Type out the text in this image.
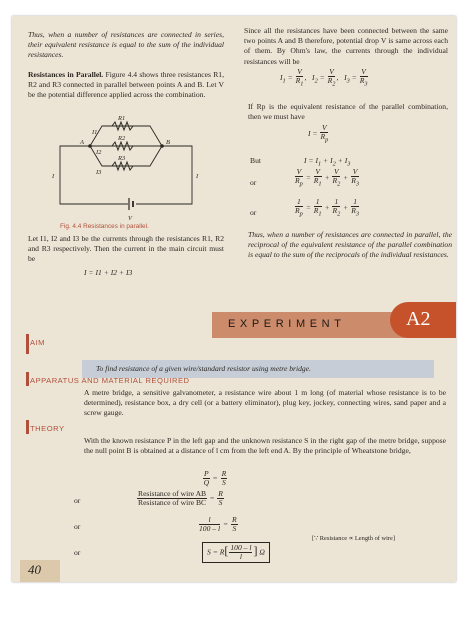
Thus, when a number of resistances are connected in series, their equivalent resistance is equal to the sum of the individual resistances.
Resistances in Parallel. Figure 4.4 shows three resistances R1, R2 and R3 connected in parallel between points A and B. Let V be the potential difference applied across the combination.
A	B
R1
R2
R3
I1
I2
I3
I	I
V
Fig. 4.4 Resistances in parallel.
Let I1, I2 and I3 be the currents through the resistances R1, R2 and R3 respectively. Then the current in the main circuit must be
I = I1 + I2 + I3
Since all the resistances have been connected between the same two points A and B therefore, potential drop V is same across each of them. By Ohm's law, the currents through the individual resistances will be
$I_1 = \frac{V}{R_1}$ ,   $I_2 = \frac{V}{R_2}$ ,   $I_3 = \frac{V}{R_3}$
If Rp is the equivalent resistance of the parallel combination, then we must have
$I = \frac{V}{R_p}$
But	$I = I_1 + I_2 + I_3$
or	$\frac{V}{R_p} = \frac{V}{R_1} + \frac{V}{R_2} + \frac{V}{R_3}$
or	$\frac{1}{R_p} = \frac{1}{R_1} + \frac{1}{R_2} + \frac{1}{R_3}$
Thus, when a number of resistances are connected in parallel, the reciprocal of the equivalent resistance of the parallel combination is equal to the sum of the reciprocals of the individual resistances.
EXPERIMENT	A2
AIM
To find resistance of a given wire/standard resistor using metre bridge.
APPARATUS AND MATERIAL REQUIRED
A metre bridge, a sensitive galvanometer, a resistance wire about 1 m long (of material whose resistance is to be determined), resistance box, a dry cell (or a battery eliminator), plug key, jockey, connecting wires, sand paper and a screw gauge.
THEORY
With the known resistance P in the left gap and the unknown resistance S in the right gap of the metre bridge, suppose the null point B is obtained at a distance of l cm from the left end A. By the principle of Wheatstone bridge,
$\frac{P}{Q} = \frac{R}{S}$
or	$\frac{\text{Resistance of wire AB}}{\text{Resistance of wire BC}} = \frac{R}{S}$
or	$\frac{l}{100 - l} = \frac{R}{S}$
or	$S = R[ \frac{100 - l}{l}$ ] Ω
[∵ Resistance ∝ Length of wire]
40
